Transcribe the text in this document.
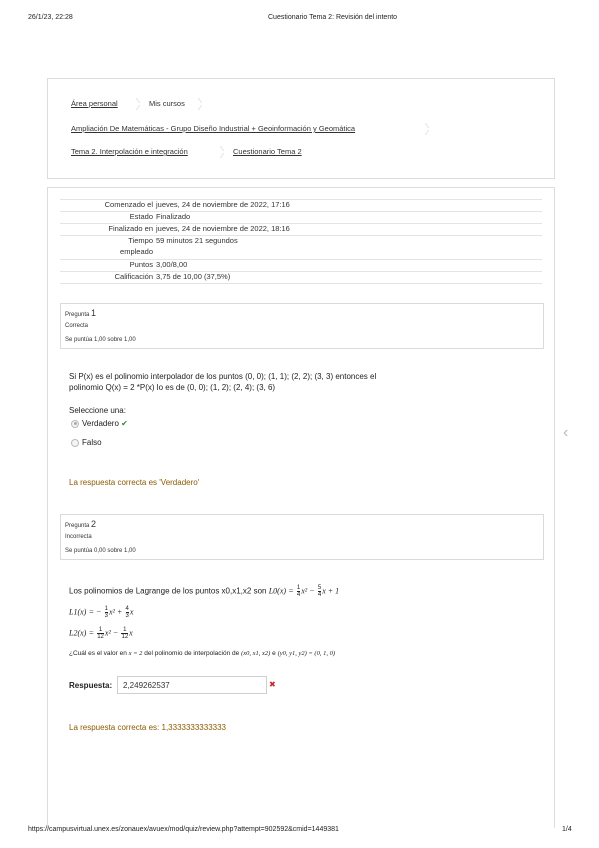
26/1/23, 22:28	Cuestionario Tema 2: Revisión del intento
Área personal	Mis cursos
Ampliación De Matemáticas - Grupo Diseño Industrial + Geoinformación y Geomática
Tema 2. Interpolación e integración	Cuestionario Tema 2
Comenzado el jueves, 24 de noviembre de 2022, 17:16
Estado Finalizado
Finalizado en jueves, 24 de noviembre de 2022, 18:16
Tiempo
empleado
59 minutos 21 segundos
Puntos 3,00/8,00
Calificación 3,75 de 10,00 (37,5%)
Pregunta 1
Correcta
Se puntúa 1,00 sobre 1,00
Si P(x) es el polinomio interpolador de los puntos (0, 0); (1, 1); (2, 2); (3, 3) entonces el
polinomio Q(x) = 2 *P(x) lo es de (0, 0); (1, 2); (2, 4); (3, 6)
Seleccione una:
Verdadero ✔
Falso
La respuesta correcta es 'Verdadero'
‹
Pregunta 2
Incorrecta
Se puntúa 0,00 sobre 1,00
Los polinomios de Lagrange de los puntos x0,x1,x2 son $L0(x) = \frac{1}{4} x^2 - \frac{5}{4}$ x + 1
L1(x) = − $\frac{1}{3} x^2 + \frac{4}{3}$ x
$L2(x) = \frac{1}{12} x^2 - \frac{1}{12}$ x
¿Cuál es el valor en x = 2 del polinomio de interpolación de (x0, x1, x2) e (y0, y1, y2) = (0, 1, 0)
Respuesta:	2,249262537	✖
La respuesta correcta es: 1,3333333333333
https://campusvirtual.unex.es/zonauex/avuex/mod/quiz/review.php?attempt=902592&cmid=1449381	1/4
